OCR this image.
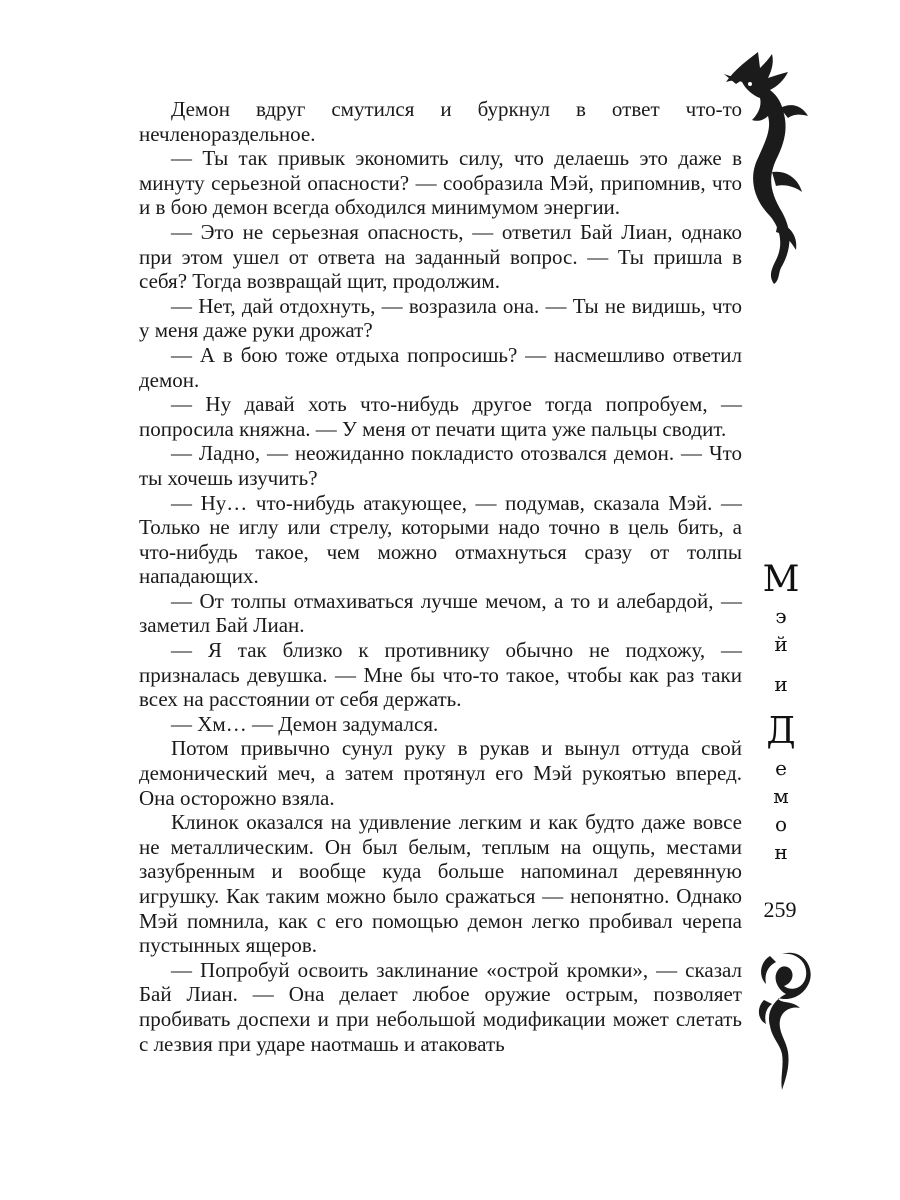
Демон вдруг смутился и буркнул в ответ что-то нечленораздельное.

— Ты так привык экономить силу, что делаешь это даже в минуту серьезной опасности? — сообразила Мэй, припомнив, что и в бою демон всегда обходился минимумом энергии.

— Это не серьезная опасность, — ответил Бай Лиан, однако при этом ушел от ответа на заданный вопрос. — Ты пришла в себя? Тогда возвращай щит, продолжим.

— Нет, дай отдохнуть, — возразила она. — Ты не видишь, что у меня даже руки дрожат?

— А в бою тоже отдыха попросишь? — насмешливо ответил демон.

— Ну давай хоть что-нибудь другое тогда попробуем, — попросила княжна. — У меня от печати щита уже пальцы сводит.

— Ладно, — неожиданно покладисто отозвался демон. — Что ты хочешь изучить?

— Ну… что-нибудь атакующее, — подумав, сказала Мэй. — Только не иглу или стрелу, которыми надо точно в цель бить, а что-нибудь такое, чем можно отмахнуться сразу от толпы нападающих.

— От толпы отмахиваться лучше мечом, а то и алебардой, — заметил Бай Лиан.

— Я так близко к противнику обычно не подхожу, — призналась девушка. — Мне бы что-то такое, чтобы как раз таки всех на расстоянии от себя держать.

— Хм… — Демон задумался.

Потом привычно сунул руку в рукав и вынул оттуда свой демонический меч, а затем протянул его Мэй рукоятью вперед. Она осторожно взяла.

Клинок оказался на удивление легким и как будто даже вовсе не металлическим. Он был белым, теплым на ощупь, местами зазубренным и вообще куда больше напоминал деревянную игрушку. Как таким можно было сражаться — непонятно. Однако Мэй помнила, как с его помощью демон легко пробивал черепа пустынных ящеров.

— Попробуй освоить заклинание «острой кромки», — сказал Бай Лиан. — Она делает любое оружие острым, позволяет пробивать доспехи и при небольшой модификации может слетать с лезвия при ударе наотмашь и атаковать

М
э
й
и
Д
е
м
о
н
259
